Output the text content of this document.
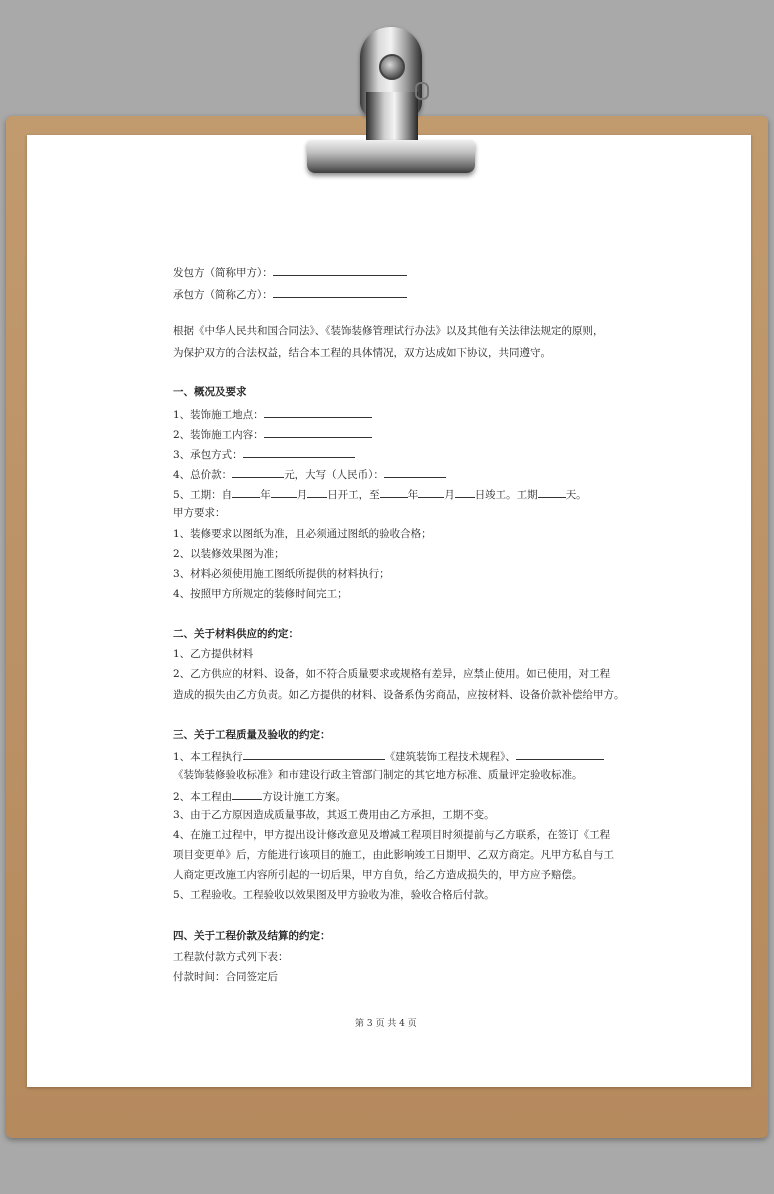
发包方（简称甲方）：
承包方（简称乙方）：
根据《中华人民共和国合同法》、《装饰装修管理试行办法》以及其他有关法律法规定的原则，
为保护双方的合法权益，结合本工程的具体情况，双方达成如下协议，共同遵守。
一、概况及要求
1、装饰施工地点：
2、装饰施工内容：
3、承包方式：
4、总价款：	元，大写（人民币）：
5、工期：自	年 月 日开工，至	年 月 日竣工。工期	天。
甲方要求：
1、装修要求以图纸为准，且必须通过图纸的验收合格；
2、以装修效果图为准；
3、材料必须使用施工图纸所提供的材料执行；
4、按照甲方所规定的装修时间完工；
二、关于材料供应的约定：
1、乙方提供材料
2、乙方供应的材料、设备，如不符合质量要求或规格有差异，应禁止使用。如已使用，对工程
造成的损失由乙方负责。如乙方提供的材料、设备系伪劣商品，应按材料、设备价款补偿给甲方。
三、关于工程质量及验收的约定：
1、本工程执行	《建筑装饰工程技术规程》、
《装饰装修验收标准》和市建设行政主管部门制定的其它地方标准、质量评定验收标准。
2、本工程由	方设计施工方案。
3、由于乙方原因造成质量事故，其返工费用由乙方承担，工期不变。
4、在施工过程中，甲方提出设计修改意见及增减工程项目时须提前与乙方联系，在签订《工程
项目变更单》后，方能进行该项目的施工，由此影响竣工日期甲、乙双方商定。凡甲方私自与工
人商定更改施工内容所引起的一切后果，甲方自负，给乙方造成损失的，甲方应予赔偿。
5、工程验收。工程验收以效果图及甲方验收为准，验收合格后付款。
四、关于工程价款及结算的约定：
工程款付款方式列下表：
付款时间：合同签定后
第 3 页 共 4 页
